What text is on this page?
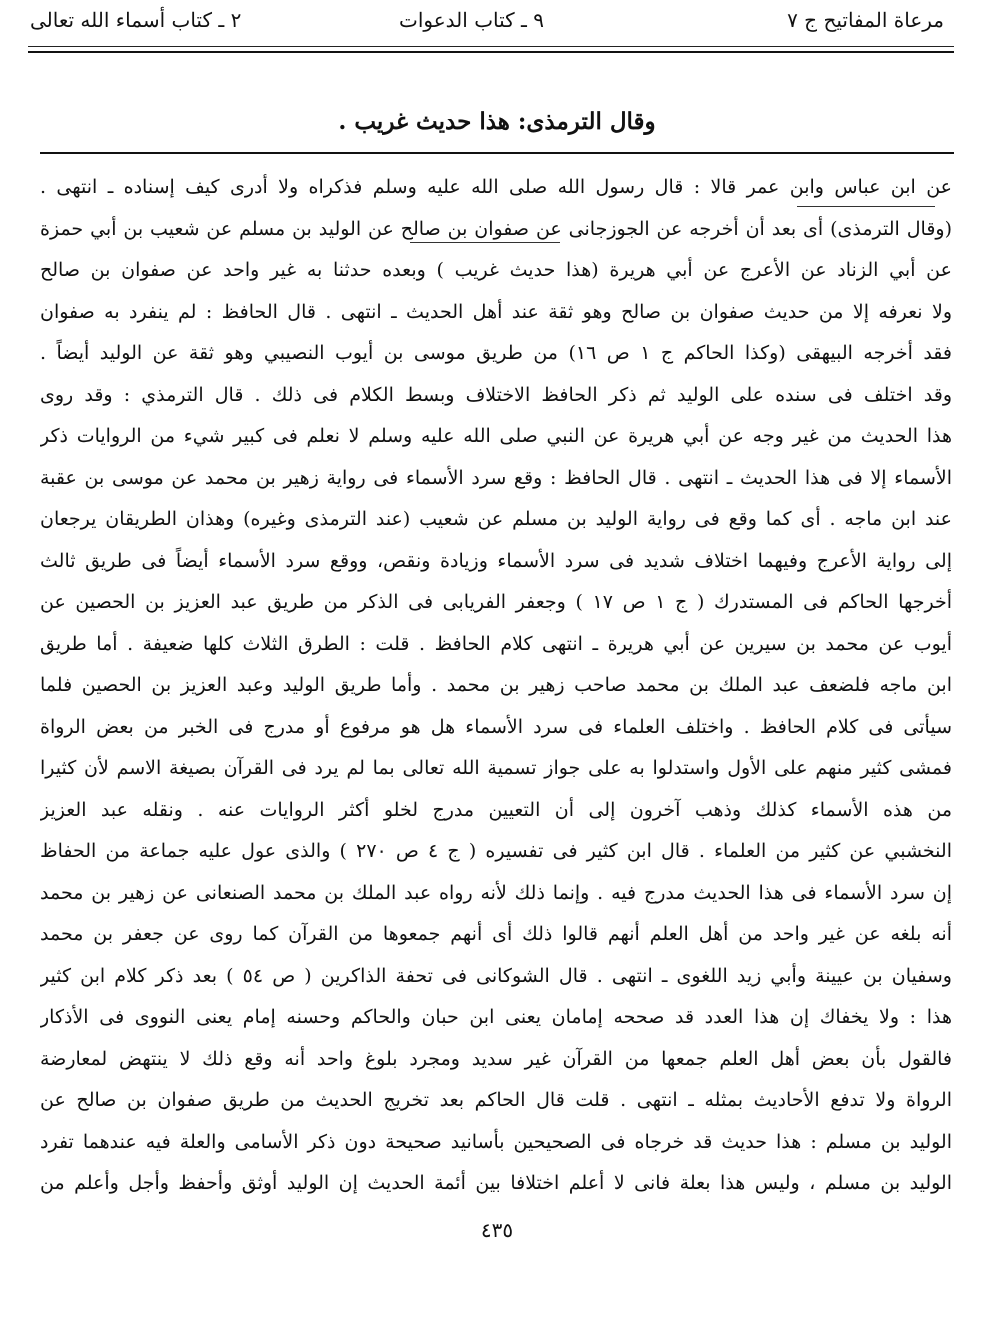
مرعاة المفاتيح ج ٧
٩ ـ كتاب الدعوات
٢ ـ كتاب أسماء الله تعالى
وقال الترمذى: هذا حديث غريب .
عن ابن عباس وابن عمر قالا : قال رسول الله صلى الله عليه وسلم فذكراه ولا أدرى كيف إسناده ـ انتهى .
(وقال الترمذى) أى بعد أن أخرجه عن الجوزجانى عن صفوان بن صالح عن الوليد بن مسلم عن شعيب بن أبي حمزة
عن أبي الزناد عن الأعرج عن أبي هريرة (هذا حديث غريب ) وبعده حدثنا به غير واحد عن صفوان بن صالح
ولا نعرفه إلا من حديث صفوان بن صالح وهو ثقة عند أهل الحديث ـ انتهى . قال الحافظ : لم ينفرد به صفوان
فقد أخرجه البيهقى (وكذا الحاكم ج ١ ص ١٦) من طريق موسى بن أيوب النصيبي وهو ثقة عن الوليد أيضاً .
وقد اختلف فى سنده على الوليد ثم ذكر الحافظ الاختلاف وبسط الكلام فى ذلك . قال الترمذي : وقد روى
هذا الحديث من غير وجه عن أبي هريرة عن النبي صلى الله عليه وسلم لا نعلم فى كبير شيء من الروايات ذكر
الأسماء إلا فى هذا الحديث ـ انتهى . قال الحافظ : وقع سرد الأسماء فى رواية زهير بن محمد عن موسى بن عقبة
عند ابن ماجه . أى كما وقع فى رواية الوليد بن مسلم عن شعيب (عند الترمذى وغيره) وهذان الطريقان يرجعان
إلى رواية الأعرج وفيهما اختلاف شديد فى سرد الأسماء وزيادة ونقص، ووقع سرد الأسماء أيضاً فى طريق ثالث
أخرجها الحاكم فى المستدرك ( ج ١ ص ١٧ ) وجعفر الفريابى فى الذكر من طريق عبد العزيز بن الحصين عن
أيوب عن محمد بن سيرين عن أبي هريرة ـ انتهى كلام الحافظ . قلت : الطرق الثلاث كلها ضعيفة . أما طريق
ابن ماجه فلضعف عبد الملك بن محمد صاحب زهير بن محمد . وأما طريق الوليد وعبد العزيز بن الحصين فلما
سيأتى فى كلام الحافظ . واختلف العلماء فى سرد الأسماء هل هو مرفوع أو مدرج فى الخبر من بعض الرواة
فمشى كثير منهم على الأول واستدلوا به على جواز تسمية الله تعالى بما لم يرد فى القرآن بصيغة الاسم لأن كثيرا
من هذه الأسماء كذلك وذهب آخرون إلى أن التعيين مدرج لخلو أكثر الروايات عنه . ونقله عبد العزيز
النخشبي عن كثير من العلماء . قال ابن كثير فى تفسيره ( ج ٤ ص ٢٧٠ ) والذى عول عليه جماعة من الحفاظ
إن سرد الأسماء فى هذا الحديث مدرج فيه . وإنما ذلك لأنه رواه عبد الملك بن محمد الصنعانى عن زهير بن محمد
أنه بلغه عن غير واحد من أهل العلم أنهم قالوا ذلك أى أنهم جمعوها من القرآن كما روى عن جعفر بن محمد
وسفيان بن عيينة وأبي زيد اللغوى ـ انتهى . قال الشوكانى فى تحفة الذاكرين ( ص ٥٤ ) بعد ذكر كلام ابن كثير
هذا : ولا يخفاك إن هذا العدد قد صححه إمامان يعنى ابن حبان والحاكم وحسنه إمام يعنى النووى فى الأذكار
فالقول بأن بعض أهل العلم جمعها من القرآن غير سديد ومجرد بلوغ واحد أنه وقع ذلك لا ينتهض لمعارضة
الرواة ولا تدفع الأحاديث بمثله ـ انتهى . قلت قال الحاكم بعد تخريج الحديث من طريق صفوان بن صالح عن
الوليد بن مسلم : هذا حديث قد خرجاه فى الصحيحين بأسانيد صحيحة دون ذكر الأسامى والعلة فيه عندهما تفرد
الوليد بن مسلم ، وليس هذا بعلة فانى لا أعلم اختلافا بين أئمة الحديث إن الوليد أوثق وأحفظ وأجل وأعلم من
٤٣٥
